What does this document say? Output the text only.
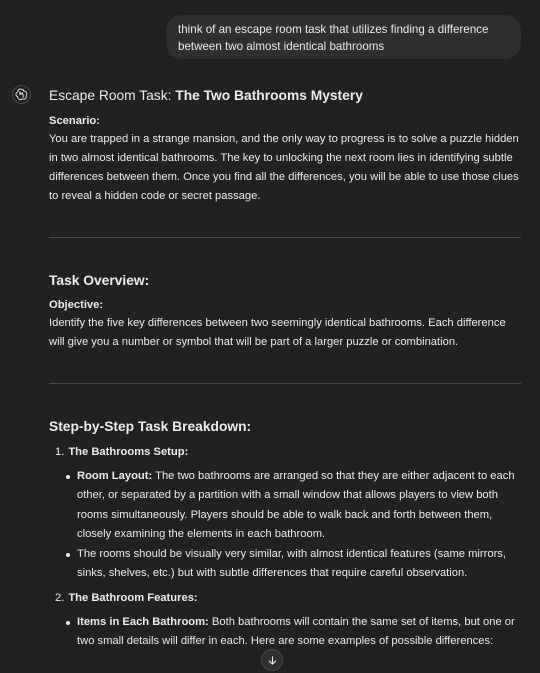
think of an escape room task that utilizes finding a difference between two almost identical bathrooms
Escape Room Task: The Two Bathrooms Mystery

Scenario:

You are trapped in a strange mansion, and the only way to progress is to solve a puzzle hidden in two almost identical bathrooms. The key to unlocking the next room lies in identifying subtle differences between them. Once you find all the differences, you will be able to use those clues to reveal a hidden code or secret passage.

Task Overview:

Objective:

Identify the five key differences between two seemingly identical bathrooms. Each difference will give you a number or symbol that will be part of a larger puzzle or combination.

Step-by-Step Task Breakdown:
1. The Bathrooms Setup:
Room Layout: The two bathrooms are arranged so that they are either adjacent to each other, or separated by a partition with a small window that allows players to view both rooms simultaneously. Players should be able to walk back and forth between them, closely examining the elements in each bathroom.
The rooms should be visually very similar, with almost identical features (same mirrors, sinks, shelves, etc.) but with subtle differences that require careful observation.
2. The Bathroom Features:
Items in Each Bathroom: Both bathrooms will contain the same set of items, but one or two small details will differ in each. Here are some examples of possible differences:
